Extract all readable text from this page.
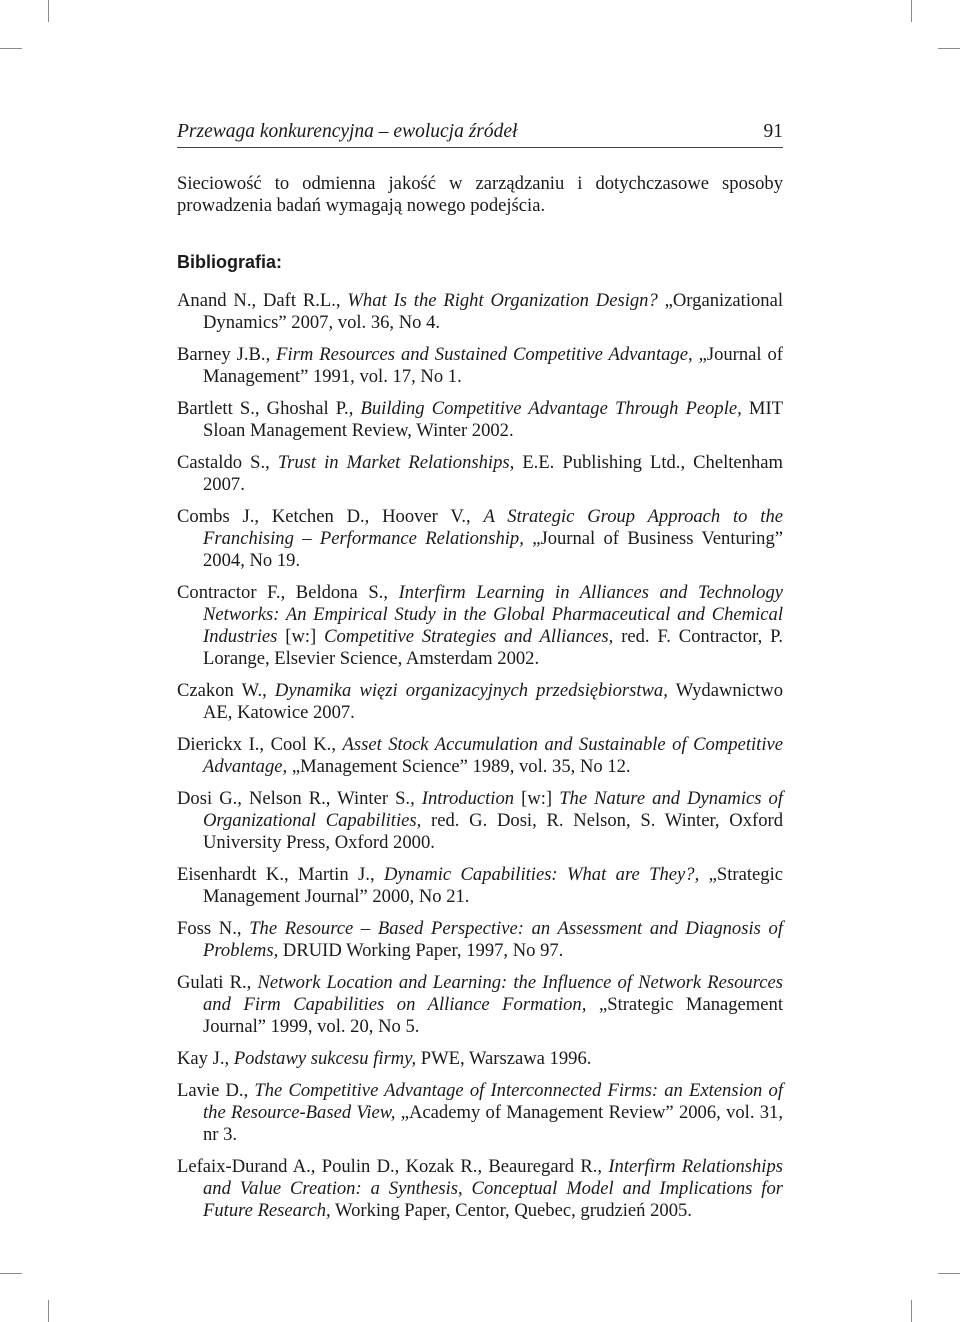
Przewaga konkurencyjna – ewolucja źródeł	91

Sieciowość to odmienna jakość w zarządzaniu i dotychczasowe sposoby prowadzenia badań wymagają nowego podejścia.

Bibliografia:
Anand N., Daft R.L., What Is the Right Organization Design? „Organizational Dynamics” 2007, vol. 36, No 4.
Barney J.B., Firm Resources and Sustained Competitive Advantage, „Journal of Management” 1991, vol. 17, No 1.
Bartlett S., Ghoshal P., Building Competitive Advantage Through People, MIT Sloan Management Review, Winter 2002.
Castaldo S., Trust in Market Relationships, E.E. Publishing Ltd., Cheltenham 2007.
Combs J., Ketchen D., Hoover V., A Strategic Group Approach to the Franchising – Performance Relationship, „Journal of Business Venturing” 2004, No 19.
Contractor F., Beldona S., Interfirm Learning in Alliances and Technology Networks: An Empirical Study in the Global Pharmaceutical and Chemical Industries [w:] Competitive Strategies and Alliances, red. F. Contractor, P. Lorange, Elsevier Science, Amsterdam 2002.
Czakon W., Dynamika więzi organizacyjnych przedsiębiorstwa, Wydawnictwo AE, Katowice 2007.
Dierickx I., Cool K., Asset Stock Accumulation and Sustainable of Competitive Advantage, „Management Science” 1989, vol. 35, No 12.
Dosi G., Nelson R., Winter S., Introduction [w:] The Nature and Dynamics of Organizational Capabilities, red. G. Dosi, R. Nelson, S. Winter, Oxford University Press, Oxford 2000.
Eisenhardt K., Martin J., Dynamic Capabilities: What are They?, „Strategic Management Journal” 2000, No 21.
Foss N., The Resource – Based Perspective: an Assessment and Diagnosis of Problems, DRUID Working Paper, 1997, No 97.
Gulati R., Network Location and Learning: the Influence of Network Resources and Firm Capabilities on Alliance Formation, „Strategic Management Journal” 1999, vol. 20, No 5.
Kay J., Podstawy sukcesu firmy, PWE, Warszawa 1996.
Lavie D., The Competitive Advantage of Interconnected Firms: an Extension of the Resource-Based View, „Academy of Management Review” 2006, vol. 31, nr 3.
Lefaix-Durand A., Poulin D., Kozak R., Beauregard R., Interfirm Relationships and Value Creation: a Synthesis, Conceptual Model and Implications for Future Research, Working Paper, Centor, Quebec, grudzień 2005.
